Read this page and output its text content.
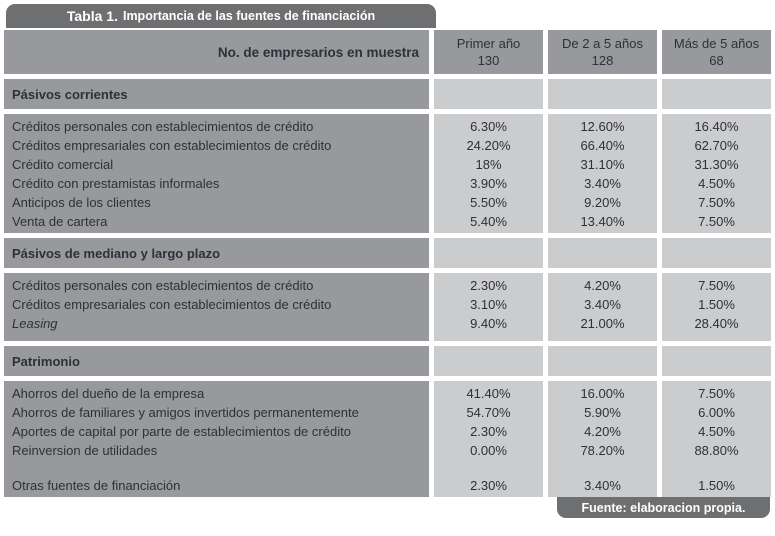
Tabla 1. Importancia de las fuentes de financiación
No. de empresarios en muestra
Primer año
130
De 2 a 5 años
128
Más de 5 años
68
Pásivos corrientes
Créditos personales con establecimientos de crédito
Créditos empresariales con establecimientos de crédito
Crédito comercial
Crédito con prestamistas informales
Anticipos de los clientes
Venta de cartera
6.30%
24.20%
18%
3.90%
5.50%
5.40%
12.60%
66.40%
31.10%
3.40%
9.20%
13.40%
16.40%
62.70%
31.30%
4.50%
7.50%
7.50%
Pásivos de mediano y largo plazo
Créditos personales con establecimientos de crédito
Créditos empresariales con establecimientos de crédito
Leasing
2.30%
3.10%
9.40%
4.20%
3.40%
21.00%
7.50%
1.50%
28.40%
Patrimonio
Ahorros del dueño de la empresa
Ahorros de familiares y amigos invertidos permanentemente
Aportes de capital por parte de establecimientos de crédito
Reinversion de utilidades
Otras fuentes de financiación
41.40%
54.70%
2.30%
0.00%
2.30%
16.00%
5.90%
4.20%
78.20%
3.40%
7.50%
6.00%
4.50%
88.80%
1.50%
Fuente: elaboracion propia.
